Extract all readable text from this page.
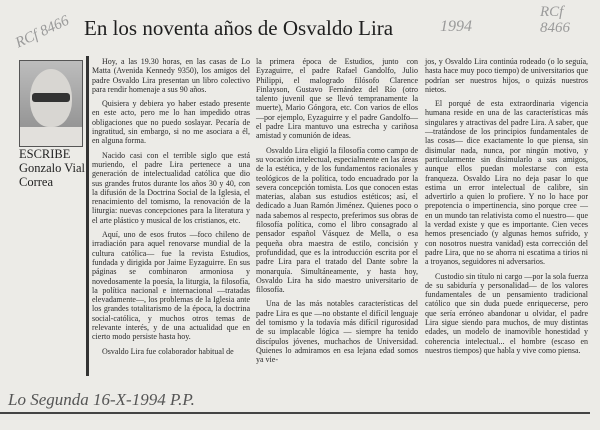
RCf 8466 En los noventa años de Osvaldo Lira	1994
RCf 8466
ESCRIBE
Gonzalo Vial Correa

Hoy, a las 19.30 horas, en las casas de Lo Matta (Avenida Kennedy 9350), los amigos del padre Osvaldo Lira presentan un libro colectivo para rendir homenaje a sus 90 años.

Quisiera y debiera yo haber estado presente en este acto, pero me lo han impedido otras obligaciones que no puedo soslayar. Pecaría de ingratitud, sin embargo, si no me asociara a él, en alguna forma.

Nacido casi con el terrible siglo que está muriendo, el padre Lira pertenece a una generación de intelectualidad católica que dio sus grandes frutos durante los años 30 y 40, con la difusión de la Doctrina Social de la Iglesia, el renacimiento del tomismo, la renovación de la liturgia: nuevas concepciones para la literatura y el arte plástico y musical de los cristianos, etc.

Aquí, uno de esos frutos —foco chileno de irradiación para aquel renovarse mundial de la cultura católica— fue la revista Estudios, fundada y dirigida por Jaime Eyzaguirre. En sus páginas se combinaron armoniosa y novedosamente la poesía, la liturgia, la filosofía, la política nacional e internacional —tratadas elevadamente—, los problemas de la Iglesia ante los grandes totalitarismo de la época, la doctrina social-católica, y muchos otros temas de relevante interés, y de una actualidad que en cierto modo persiste hasta hoy.

Osvaldo Lira fue colaborador habitual de

la primera época de Estudios, junto con Eyzaguirre, el padre Rafael Gandolfo, Julio Philippi, el malogrado filósofo Clarence Finlayson, Gustavo Fernández del Río (otro talento juvenil que se llevó tempranamente la muerte), Mario Góngora, etc. Con varios de ellos —por ejemplo, Eyzaguirre y el padre Gandolfo— el padre Lira mantuvo una estrecha y cariñosa amistad y comunión de ideas.

Osvaldo Lira eligió la filosofía como campo de su vocación intelectual, especialmente en las áreas de la estética, y de los fundamentos racionales y teológicos de la política, todo encuadrado por la severa concepción tomista. Los que conocen estas materias, alaban sus estudios estéticos; así, el dedicado a Juan Ramón Jiménez. Quienes poco o nada sabemos al respecto, preferimos sus obras de filosofía política, como el libro consagrado al pensador español Vásquez de Mella, o esa pequeña obra maestra de estilo, concisión y profundidad, que es la introducción escrita por el padre Lira para el tratado del Dante sobre la monarquía. Simultáneamente, y hasta hoy, Osvaldo Lira ha sido maestro universitario de filosofía.

Una de las más notables características del padre Lira es que —no obstante el difícil lenguaje del tomismo y la todavía más difícil rigurosidad de su implacable lógica — siempre ha tenido discípulos jóvenes, muchachos de Universidad. Quienes lo admiramos en esa lejana edad somos ya vie-

jos, y Osvaldo Lira continúa rodeado (o lo seguía, hasta hace muy poco tiempo) de universitarios que podrían ser nuestros hijos, o quizás nuestros nietos.

El porqué de esta extraordinaria vigencia humana reside en una de las características más singulares y atractivas del padre Lira. A saber, que —tratándose de los principios fundamentales de las cosas— dice exactamente lo que piensa, sin disimular nada, nunca, por ningún motivo, y particularmente sin disimularlo a sus amigos, aunque ellos puedan molestarse con esta franqueza. Osvaldo Lira no deja pasar lo que estima un error intelectual de calibre, sin advertirlo a quien lo profiere. Y no lo hace por prepotencia o impertinencia, sino porque cree —en un mundo tan relativista como el nuestro— que la verdad existe y que es importante. Cien veces hemos presenciado (y algunas hemos sufrido, y con nosotros nuestra vanidad) esta corrección del padre Lira, que no se ahorra ni escatima a tirios ni a troyanos, seguidores ni adversarios.

Custodio sin título ni cargo —por la sola fuerza de su sabiduría y personalidad— de los valores fundamentales de un pensamiento tradicional católico que sin duda puede enriquecerse, pero que sería erróneo abandonar u olvidar, el padre Lira sigue siendo para muchos, de muy distintas edades, un modelo de inamovible honestidad y coherencia intelectual... el hombre (escaso en nuestros tiempos) que habla y vive como piensa.

Lo Segunda 16-X-1994 P.P.
